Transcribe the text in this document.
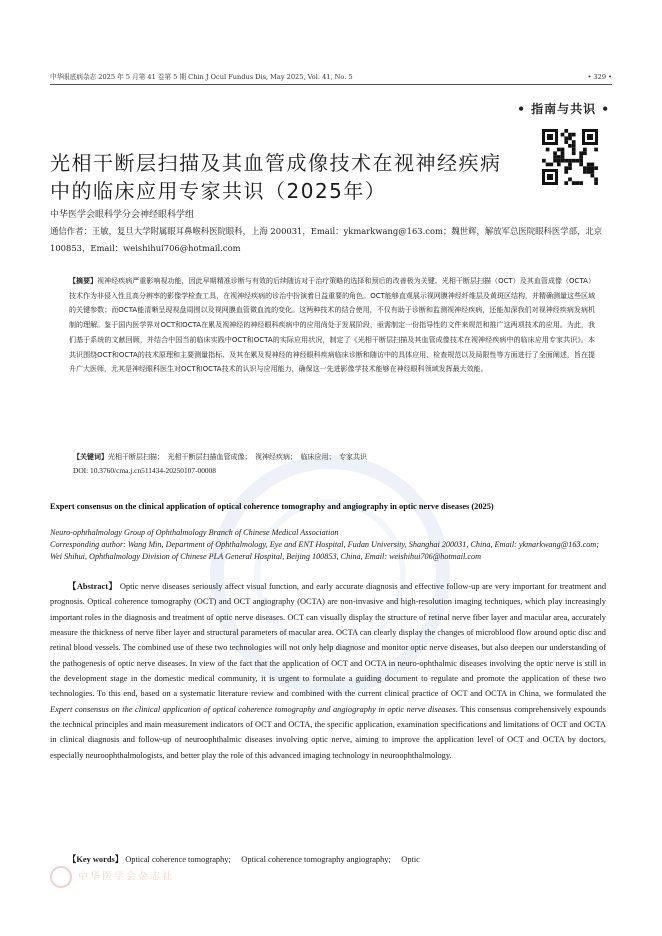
中华眼底病杂志 2025 年 5 月第 41 卷第 5 期 Chin J Ocul Fundus Dis, May 2025, Vol. 41, No. 5	• 329 •
• 指南与共识 •
光相干断层扫描及其血管成像技术在视神经疾病中的临床应用专家共识（2025年）
中华医学会眼科学分会神经眼科学组
通信作者：王敏，复旦大学附属眼耳鼻喉科医院眼科，上海 200031，Email：ykmarkwang@163.com；魏世辉，解放军总医院眼科医学部，北京 100853，Email：weishihui706@hotmail.com
【摘要】视神经疾病严重影响视功能，因此早期精准诊断与有效的后续随访对于治疗策略的选择和预后的改善极为关键。光相干断层扫描（OCT）及其血管成像（OCTA）技术作为非侵入性且高分辨率的影像学检查工具，在视神经疾病的诊治中扮演着日益重要的角色。OCT能够直观展示视网膜神经纤维层及黄斑区结构，并精确测量这些区域的关键参数；而OCTA能清晰呈现视盘周围以及视网膜血管微血流的变化。这两种技术的结合使用，不仅有助于诊断和监测视神经疾病，还能加深我们对视神经疾病发病机制的理解。鉴于国内医学界对OCT和OCTA在累及视神经的神经眼科疾病中的应用尚处于发展阶段，亟需制定一份指导性的文件来规范和推广这两项技术的应用。为此，我们基于系统的文献回顾，并结合中国当前临床实践中OCT和OCTA的实际应用状况，制定了《光相干断层扫描及其血管成像技术在视神经疾病中的临床应用专家共识》。本共识围绕OCT和OCTA的技术原理和主要测量指标、及其在累及视神经的神经眼科疾病临床诊断和随访中的具体应用、检查规范以及局限性等方面进行了全面阐述，旨在提升广大医师，尤其是神经眼科医生对OCT和OCTA技术的认识与应用能力，确保这一先进影像学技术能够在神经眼科领域发挥最大效能。
【关键词】光相干断层扫描；　光相干断层扫描血管成像；　视神经疾病；　临床应用；　专家共识
DOI: 10.3760/cma.j.cn511434-20250107-00008
Expert consensus on the clinical application of optical coherence tomography and angiography in optic nerve diseases (2025)
Neuro-ophthalmology Group of Ophthalmology Branch of Chinese Medical Association
Corresponding author: Wang Min, Department of Ophthalmology, Eye and ENT Hospital, Fudan University, Shanghai 200031, China, Email: ykmarkwang@163.com; Wei Shihui, Ophthalmology Division of Chinese PLA General Hospital, Beijing 100853, China, Email: weishihui706@hotmail.com
【Abstract】 Optic nerve diseases seriously affect visual function, and early accurate diagnosis and effective follow-up are very important for treatment and prognosis. Optical coherence tomography (OCT) and OCT angiography (OCTA) are non-invasive and high-resolution imaging techniques, which play increasingly important roles in the diagnosis and treatment of optic nerve diseases. OCT can visually display the structure of retinal nerve fiber layer and macular area, accurately measure the thickness of nerve fiber layer and structural parameters of macular area. OCTA can clearly display the changes of microblood flow around optic disc and retinal blood vessels. The combined use of these two technologies will not only help diagnose and monitor optic nerve diseases, but also deepen our understanding of the pathogenesis of optic nerve diseases. In view of the fact that the application of OCT and OCTA in neuro-ophthalmic diseases involving the optic nerve is still in the development stage in the domestic medical community, it is urgent to formulate a guiding document to regulate and promote the application of these two technologies. To this end, based on a systematic literature review and combined with the current clinical practice of OCT and OCTA in China, we formulated the Expert consensus on the clinical application of optical coherence tomography and angiography in optic nerve diseases. This consensus comprehensively expounds the technical principles and main measurement indicators of OCT and OCTA, the specific application, examination specifications and limitations of OCT and OCTA in clinical diagnosis and follow-up of neuroophthalmic diseases involving optic nerve, aiming to improve the application level of OCT and OCTA by doctors, especially neuroophthalmologists, and better play the role of this advanced imaging technology in neuroophthalmology.
【Key words】 Optical coherence tomography;　 Optical coherence tomography angiography;　 Optic
中华医学会杂志社
